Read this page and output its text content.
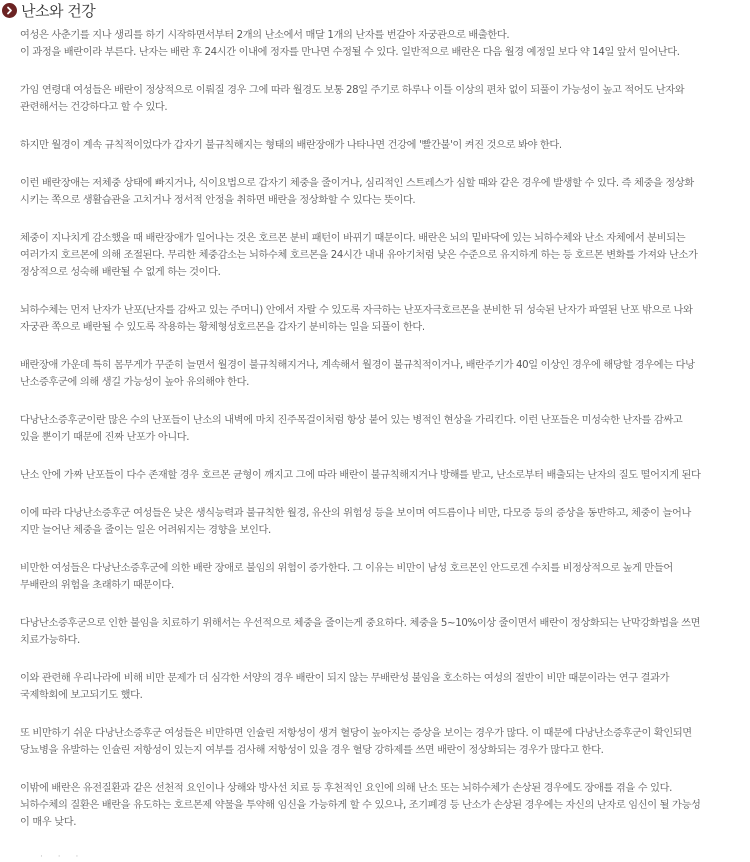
난소와 건강

여성은 사춘기를 지나 생리를 하기 시작하면서부터 2개의 난소에서 매달 1개의 난자를 번갈아 자궁관으로 배출한다.
이 과정을 배란이라 부른다. 난자는 배란 후 24시간 이내에 정자를 만나면 수정될 수 있다. 일반적으로 배란은 다음 월경 예정일 보다 약 14일 앞서 일어난다.

가임 연령대 여성들은 배란이 정상적으로 이뤄질 경우 그에 따라 월경도 보통 28일 주기로 하루나 이틀 이상의 편차 없이 되풀이 가능성이 높고 적어도 난자와
관련해서는 건강하다고 할 수 있다.

하지만 월경이 계속 규칙적이었다가 갑자기 불규칙해지는 형태의 배란장애가 나타나면 건강에 '빨간불'이 켜진 것으로 봐야 한다.

이런 배란장애는 저체중 상태에 빠지거나, 식이요법으로 갑자기 체중을 줄이거나, 심리적인 스트레스가 심할 때와 같은 경우에 발생할 수 있다. 즉 체중을 정상화
시키는 쪽으로 생활습관을 고치거나 정서적 안정을 취하면 배란을 정상화할 수 있다는 뜻이다.

체중이 지나치게 감소했을 때 배란장애가 일어나는 것은 호르몬 분비 패턴이 바뀌기 때문이다. 배란은 뇌의 밑바닥에 있는 뇌하수체와 난소 자체에서 분비되는
여러가지 호르몬에 의해 조절된다. 무리한 체중감소는 뇌하수체 호르몬을 24시간 내내 유아기처럼 낮은 수준으로 유지하게 하는 등 호르몬 변화를 가져와 난소가
정상적으로 성숙해 배란될 수 없게 하는 것이다.

뇌하수체는 먼저 난자가 난포(난자를 감싸고 있는 주머니) 안에서 자랄 수 있도록 자극하는 난포자극호르몬을 분비한 뒤 성숙된 난자가 파열된 난포 밖으로 나와
자궁관 쪽으로 배란될 수 있도록 작용하는 황체형성호르몬을 갑자기 분비하는 일을 되풀이 한다.

배란장애 가운데 특히 몸무게가 꾸준히 늘면서 월경이 불규칙해지거나, 계속해서 월경이 불규칙적이거나, 배란주기가 40일 이상인 경우에 해당할 경우에는 다낭
난소증후군에 의해 생길 가능성이 높아 유의해야 한다.

다낭난소증후군이란 많은 수의 난포들이 난소의 내벽에 마치 진주목걸이처럼 항상 붙어 있는 병적인 현상을 가리킨다. 이런 난포들은 미성숙한 난자를 감싸고
있을 뿐이기 때문에 진짜 난포가 아니다.

난소 안에 가짜 난포들이 다수 존재할 경우 호르몬 균형이 깨지고 그에 따라 배란이 불규칙해지거나 방해를 받고, 난소로부터 배출되는 난자의 질도 떨어지게 된다

이에 따라 다낭난소증후군 여성들은 낮은 생식능력과 불규칙한 월경, 유산의 위험성 등을 보이며 여드름이나 비만, 다모증 등의 증상을 동반하고, 체중이 늘어나
지만 늘어난 체중을 줄이는 일은 어려워지는 경향을 보인다.

비만한 여성들은 다낭난소증후군에 의한 배란 장애로 불임의 위험이 증가한다. 그 이유는 비만이 남성 호르몬인 안드로겐 수치를 비정상적으로 높게 만들어
무배란의 위험을 초래하기 때문이다.

다낭난소증후군으로 인한 불임을 치료하기 위해서는 우선적으로 체중을 줄이는게 중요하다. 체중을 5~10%이상 줄이면서 배란이 정상화되는 난막강화법을 쓰면
치료가능하다.

이와 관련해 우리나라에 비해 비만 문제가 더 심각한 서양의 경우 배란이 되지 않는 무배란성 불임을 호소하는 여성의 절반이 비만 때문이라는 연구 결과가
국제학회에 보고되기도 했다.

또 비만하기 쉬운 다낭난소증후군 여성들은 비만하면 인슐린 저항성이 생겨 혈당이 높아지는 증상을 보이는 경우가 많다. 이 때문에 다낭난소증후군이 확인되면
당뇨병을 유발하는 인슐린 저항성이 있는지 여부를 검사해 저항성이 있을 경우 혈당 강하제를 쓰면 배란이 정상화되는 경우가 많다고 한다.

이밖에 배란은 유전질환과 같은 선천적 요인이나 상해와 방사선 치료 등 후천적인 요인에 의해 난소 또는 뇌하수체가 손상된 경우에도 장애를 겪을 수 있다.
뇌하수체의 질환은 배란을 유도하는 호르몬제 약물을 투약해 임신을 가능하게 할 수 있으나, 조기폐경 등 난소가 손상된 경우에는 자신의 난자로 임신이 될 가능성
이 매우 낮다.

· · ·
